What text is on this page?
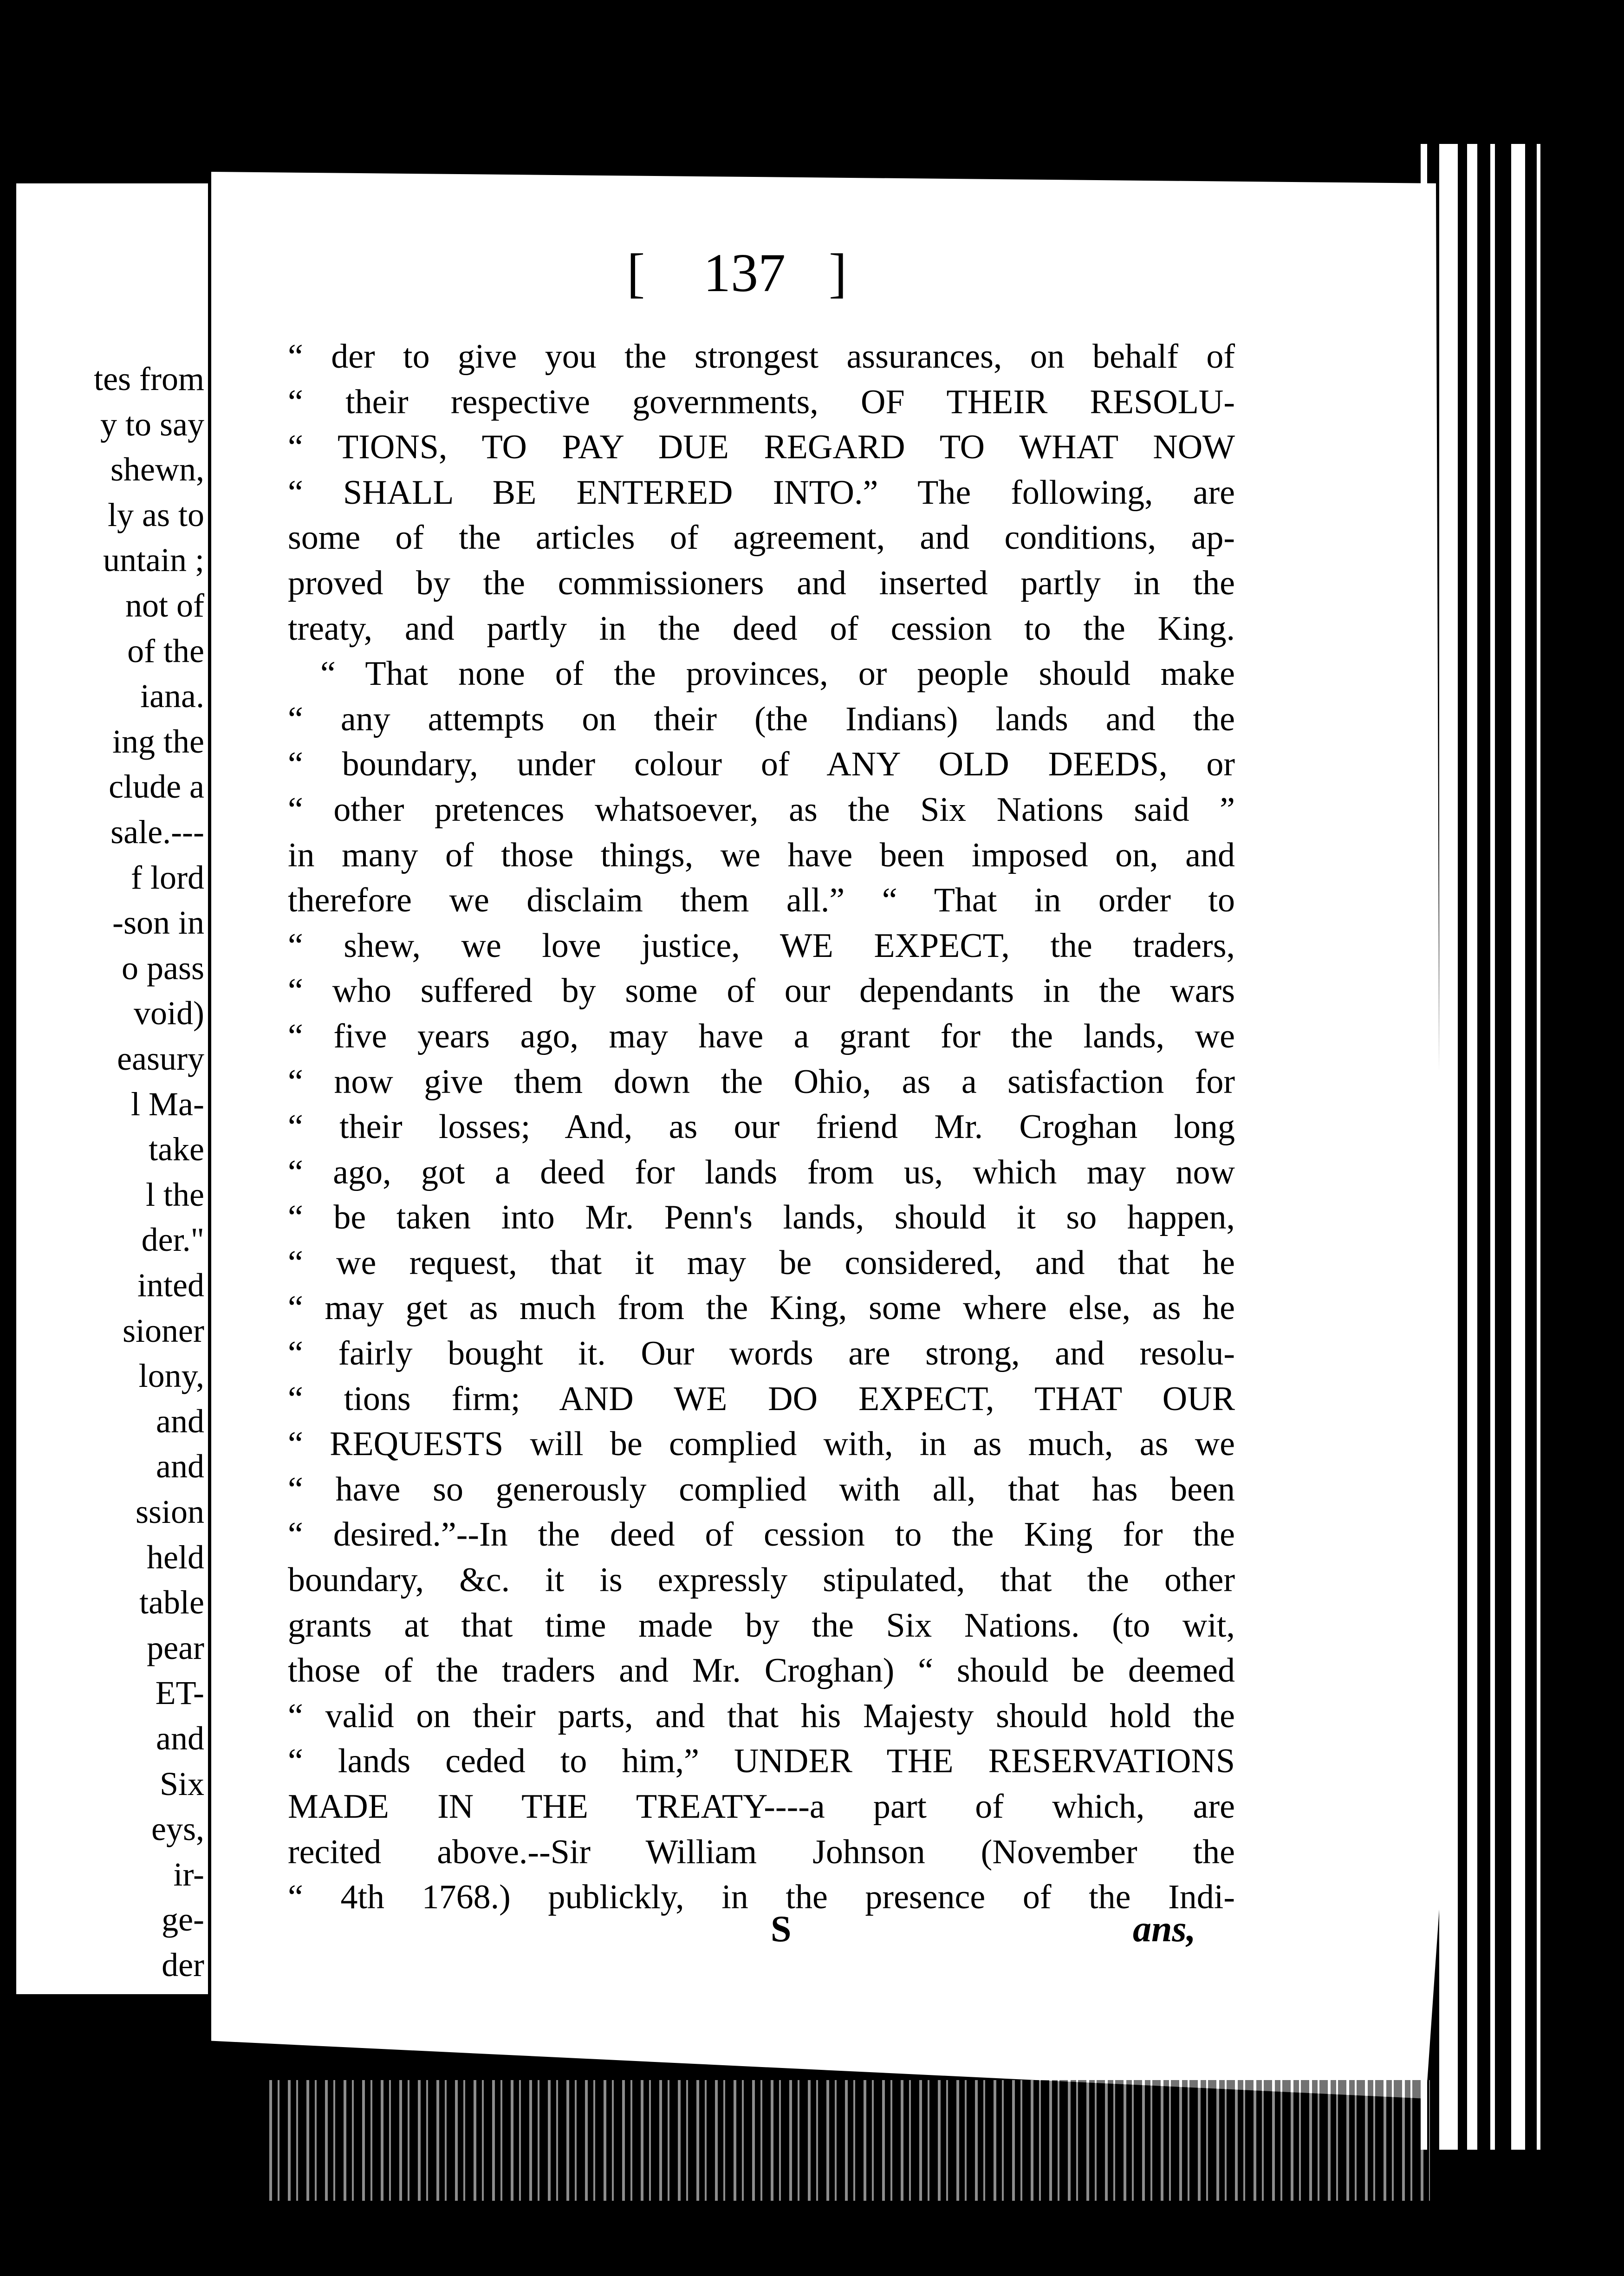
tes from
y to say
shewn,
ly as to
untain ;
not of
of the
iana.
ing the
clude a
sale.---
f lord
-son in
o pass
void)
easury
l Ma-
take
l the
der."
inted
sioner
lony,
and
and
ssion
held
table
pear
ET-
and
Six
eys,
ir-
ge-
der
[ 137 ]
“ der to give you the strongest assurances, on behalf of
“ their respective governments, OF THEIR RESOLU-
“ TIONS, TO PAY DUE REGARD TO WHAT NOW
“ SHALL BE ENTERED INTO.” The following, are
some of the articles of agreement, and conditions, ap-
proved by the commissioners and inserted partly in the
treaty, and partly in the deed of cession to the King.
“ That none of the provinces, or people should make
“ any attempts on their (the Indians) lands and the
“ boundary, under colour of ANY OLD DEEDS, or
“ other pretences whatsoever, as the Six Nations said ”
in many of those things, we have been imposed on, and
therefore we disclaim them all.” “ That in order to
“ shew, we love justice, WE EXPECT, the traders,
“ who suffered by some of our dependants in the wars
“ five years ago, may have a grant for the lands, we
“ now give them down the Ohio, as a satisfaction for
“ their losses; And, as our friend Mr. Croghan long
“ ago, got a deed for lands from us, which may now
“ be taken into Mr. Penn's lands, should it so happen,
“ we request, that it may be considered, and that he
“ may get as much from the King, some where else, as he
“ fairly bought it. Our words are strong, and resolu-
“ tions firm; AND WE DO EXPECT, THAT OUR
“ REQUESTS will be complied with, in as much, as we
“ have so generously complied with all, that has been
“ desired.”--In the deed of cession to the King for the
boundary, &c. it is expressly stipulated, that the other
grants at that time made by the Six Nations. (to wit,
those of the traders and Mr. Croghan) “ should be deemed
“ valid on their parts, and that his Majesty should hold the
“ lands ceded to him,” UNDER THE RESERVATIONS
MADE IN THE TREATY----a part of which, are
recited above.--Sir William Johnson (November the
“ 4th 1768.) publickly, in the presence of the Indi-
S	ans,
